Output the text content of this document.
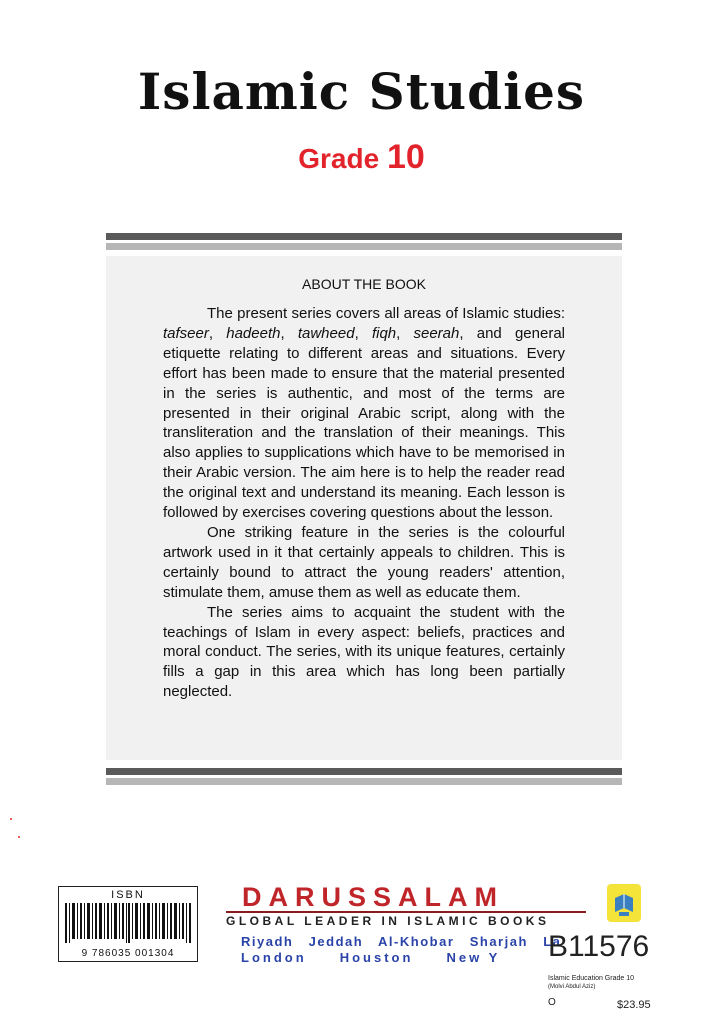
Islamic Studies
Grade 10
ABOUT THE BOOK

The present series covers all areas of Islamic studies: tafseer, hadeeth, tawheed, fiqh, seerah, and general etiquette relating to different areas and situations. Every effort has been made to ensure that the material presented in the series is authentic, and most of the terms are presented in their original Arabic script, along with the transliteration and the translation of their meanings. This also applies to supplications which have to be memorised in their Arabic version. The aim here is to help the reader read the original text and understand its meaning. Each lesson is followed by exercises covering questions about the lesson.

One striking feature in the series is the colourful artwork used in it that certainly appeals to children. This is certainly bound to attract the young readers' attention, stimulate them, amuse them as well as educate them.

The series aims to acquaint the student with the teachings of Islam in every aspect: beliefs, practices and moral conduct. The series, with its unique features, certainly fills a gap in this area which has long been partially neglected.

ISBN
9 786035 001304
DARUSSALAM
GLOBAL LEADER IN ISLAMIC BOOKS
Riyadh   Jeddah   Al-Khobar   Sharjah   La
London     Houston     New Y B11576
Islamic Education Grade 10
(Molvi Abdul Aziz)
O	$23.95
